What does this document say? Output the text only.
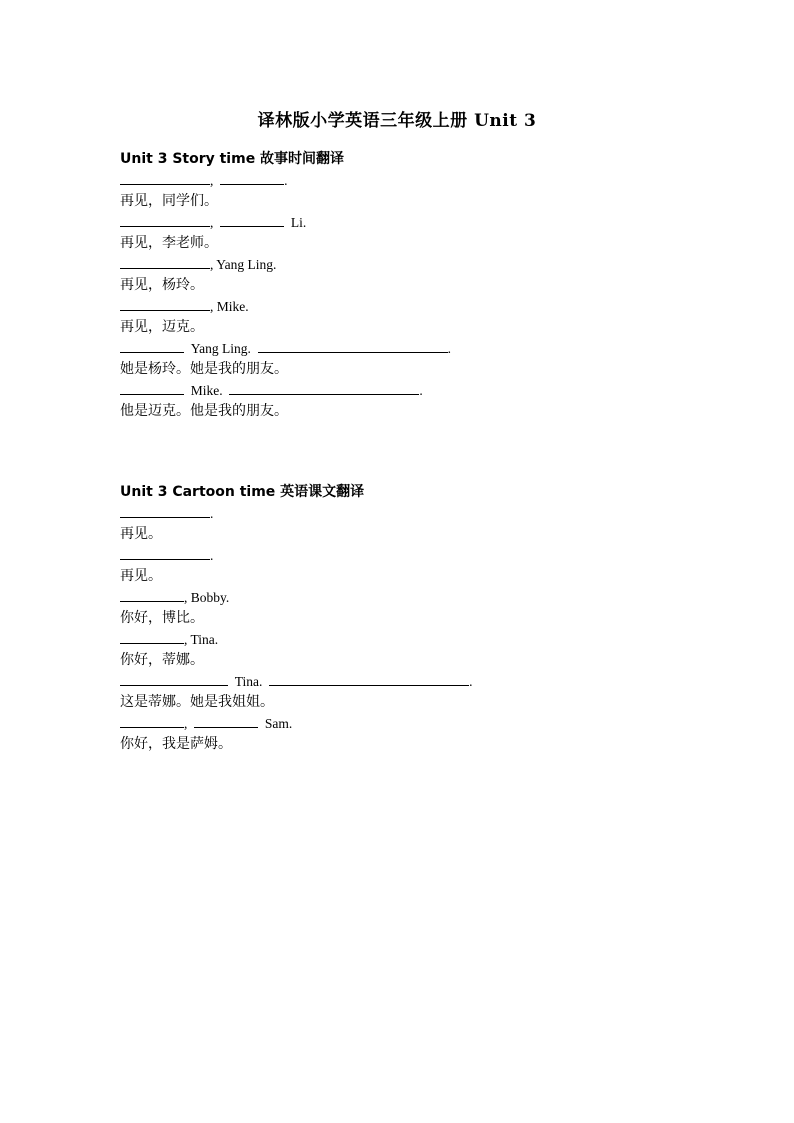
译林版小学英语三年级上册 Unit 3
Unit 3 Story time 故事时间翻译
,	.
再见，同学们。
,	Li.
再见，李老师。
, Yang Ling.
再见，杨玲。
, Mike.
再见，迈克。
Yang Ling.	.
她是杨玲。她是我的朋友。
Mike.	.
他是迈克。他是我的朋友。
Unit 3 Cartoon time 英语课文翻译
.
再见。
.
再见。
, Bobby.
你好，博比。
, Tina.
你好，蒂娜。
Tina.	.
这是蒂娜。她是我姐姐。
,	Sam.
你好，我是萨姆。
